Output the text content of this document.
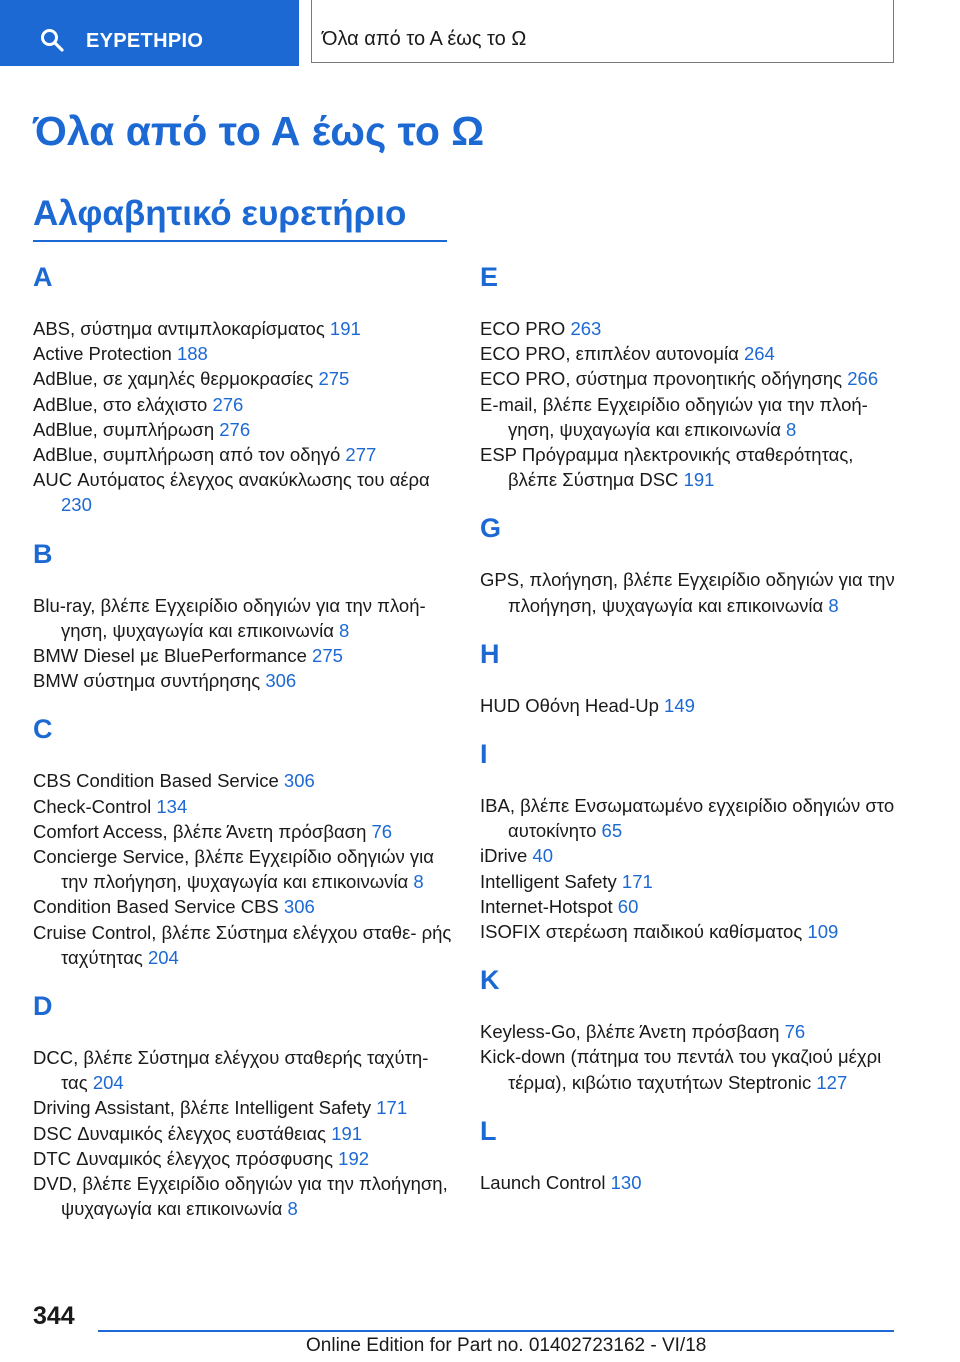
ΕΥΡΕΤΗΡΙΟ	Όλα από το Α έως το Ω
Όλα από το Α έως το Ω
Αλφαβητικό ευρετήριο
A
ABS, σύστημα αντιμπλοκαρίσματος 191
Active Protection 188
AdBlue, σε χαμηλές θερμοκρασίες 275
AdBlue, στο ελάχιστο 276
AdBlue, συμπλήρωση 276
AdBlue, συμπλήρωση από τον οδηγό 277
AUC Αυτόματος έλεγχος ανακύκλωσης του αέρα 230
B
Blu-ray, βλέπε Εγχειρίδιο οδηγιών για την πλοή- γηση, ψυχαγωγία και επικοινωνία 8
BMW Diesel με BluePerformance 275
BMW σύστημα συντήρησης 306
C
CBS Condition Based Service 306
Check-Control 134
Comfort Access, βλέπε Άνετη πρόσβαση 76
Concierge Service, βλέπε Εγχειρίδιο οδηγιών για την πλοήγηση, ψυχαγωγία και επικοινωνία 8
Condition Based Service CBS 306
Cruise Control, βλέπε Σύστημα ελέγχου σταθε- ρής ταχύτητας 204
D
DCC, βλέπε Σύστημα ελέγχου σταθερής ταχύτη- τας 204
Driving Assistant, βλέπε Intelligent Safety 171
DSC Δυναμικός έλεγχος ευστάθειας 191
DTC Δυναμικός έλεγχος πρόσφυσης 192
DVD, βλέπε Εγχειρίδιο οδηγιών για την πλοήγηση, ψυχαγωγία και επικοινωνία 8
E
ECO PRO 263
ECO PRO, επιπλέον αυτονομία 264
ECO PRO, σύστημα προνοητικής οδήγησης 266
E-mail, βλέπε Εγχειρίδιο οδηγιών για την πλοή- γηση, ψυχαγωγία και επικοινωνία 8
ESP Πρόγραμμα ηλεκτρονικής σταθερότητας, βλέπε Σύστημα DSC 191
G
GPS, πλοήγηση, βλέπε Εγχειρίδιο οδηγιών για την πλοήγηση, ψυχαγωγία και επικοινωνία 8
H
HUD Οθόνη Head-Up 149
I
IBA, βλέπε Ενσωματωμένο εγχειρίδιο οδηγιών στο αυτοκίνητο 65
iDrive 40
Intelligent Safety 171
Internet-Hotspot 60
ISOFIX στερέωση παιδικού καθίσματος 109
K
Keyless-Go, βλέπε Άνετη πρόσβαση 76
Kick-down (πάτημα του πεντάλ του γκαζιού μέχρι τέρμα), κιβώτιο ταχυτήτων Steptronic 127
L
Launch Control 130
344
Online Edition for Part no. 01402723162 - VI/18
